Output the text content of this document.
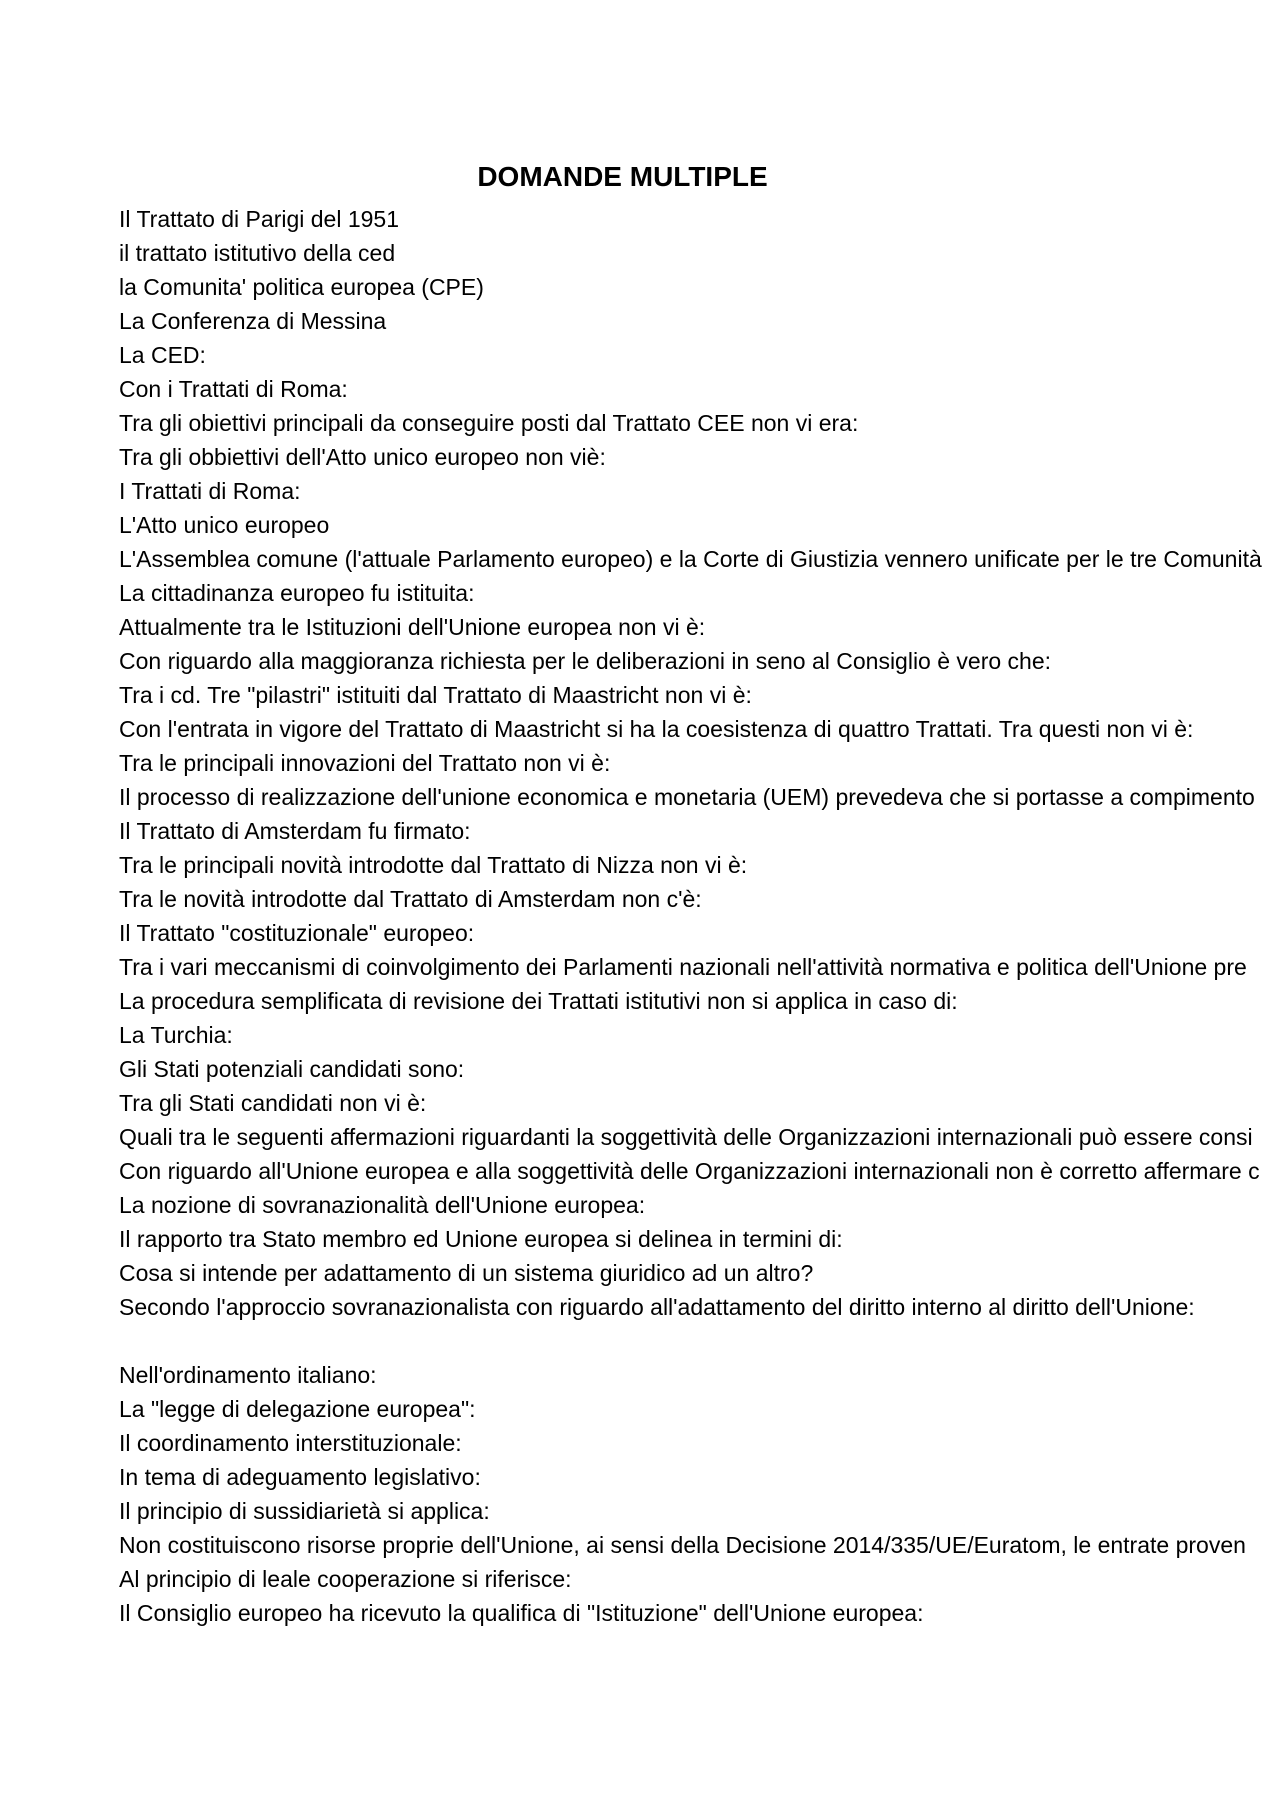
DOMANDE MULTIPLE
Il Trattato di Parigi del 1951
il trattato istitutivo della ced
la Comunita' politica europea (CPE)
La Conferenza di Messina
La CED:
Con i Trattati di Roma:
Tra gli obiettivi principali da conseguire posti dal Trattato CEE non vi era:
Tra gli obbiettivi dell'Atto unico europeo non viè:
I Trattati di Roma:
L'Atto unico europeo
L'Assemblea comune (l'attuale Parlamento europeo) e la Corte di Giustizia vennero unificate per le tre Comunità
La cittadinanza europeo fu istituita:
Attualmente tra le Istituzioni dell'Unione europea non vi è:
Con riguardo alla maggioranza richiesta per le deliberazioni in seno al Consiglio è vero che:
Tra i cd. Tre "pilastri" istituiti dal Trattato di Maastricht non vi è:
Con l'entrata in vigore del Trattato di Maastricht si ha la coesistenza di quattro Trattati. Tra questi non vi è:
Tra le principali innovazioni del Trattato non vi è:
Il processo di realizzazione dell'unione economica e monetaria (UEM) prevedeva che si portasse a compimento
Il Trattato di Amsterdam fu firmato:
Tra le principali novità introdotte dal Trattato di Nizza non vi è:
Tra le novità introdotte dal Trattato di Amsterdam non c'è:
Il Trattato "costituzionale" europeo:
Tra i vari meccanismi di coinvolgimento dei Parlamenti nazionali nell'attività normativa e politica dell'Unione pre
La procedura semplificata di revisione dei Trattati istitutivi non si applica in caso di:
La Turchia:
Gli Stati potenziali candidati sono:
Tra gli Stati candidati non vi è:
Quali tra le seguenti affermazioni riguardanti la soggettività delle Organizzazioni internazionali può essere consi
Con riguardo all'Unione europea e alla soggettività delle Organizzazioni internazionali non è corretto affermare c
La nozione di sovranazionalità dell'Unione europea:
Il rapporto tra Stato membro ed Unione europea si delinea in termini di:
Cosa si intende per adattamento di un sistema giuridico ad un altro?
Secondo l'approccio sovranazionalista con riguardo all'adattamento del diritto interno al diritto dell'Unione:
Nell'ordinamento italiano:
La "legge di delegazione europea":
Il coordinamento interstituzionale:
In tema di adeguamento legislativo:
Il principio di sussidiarietà si applica:
Non costituiscono risorse proprie dell'Unione, ai sensi della Decisione 2014/335/UE/Euratom, le entrate proven
Al principio di leale cooperazione si riferisce:
Il Consiglio europeo ha ricevuto la qualifica di "Istituzione" dell'Unione europea:
